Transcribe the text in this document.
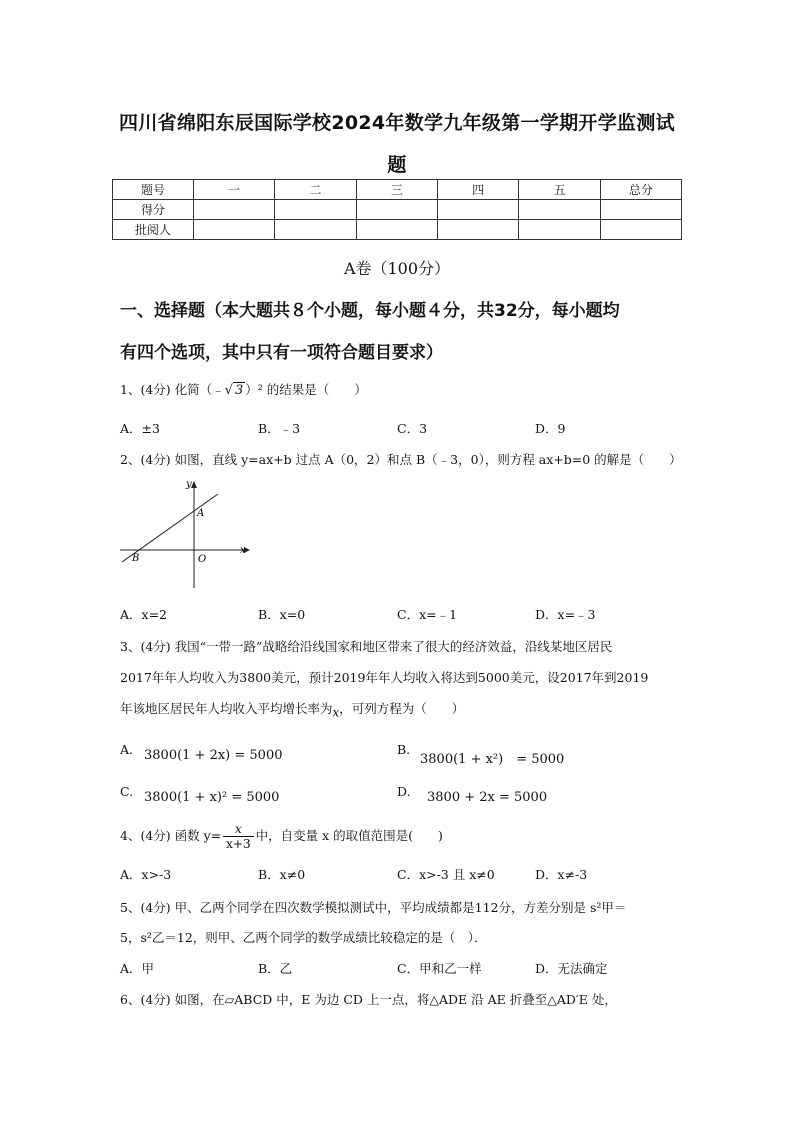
四川省绵阳东辰国际学校2024年数学九年级第一学期开学监测试
题
题号	一	二	三	四	五	总分
得分						
批阅人						
A卷（100分）
一、选择题（本大题共８个小题，每小题４分，共32分，每小题均
有四个选项，其中只有一项符合题目要求）
1、(4分) 化简（﹣√ 3 ）² 的结果是（　　）
A．±3	B．﹣3	C．3	D．9
2、(4分) 如图，直线 y=ax+b 过点 A（0，2）和点 B（﹣3，0），则方程 ax+b=0 的解是（　　）
y
x
A
B	O
A．x=2	B．x=0	C．x=﹣1	D．x=﹣3
3、(4分) 我国“一带一路”战略给沿线国家和地区带来了很大的经济效益，沿线某地区居民
2017年年人均收入为3800美元，预计2019年年人均收入将达到5000美元，设2017年到2019
年该地区居民年人均收入平均增长率为$_x$，可列方程为（　　）
A. 3800(1 + 2x) = 5000	B.
3800(1 + x²)　= 5000
C. 3800(1 + x)² = 5000	D. 3800 + 2x = 5000
4、(4分) 函数 $y= \frac{x}{x+3}$ 中，自变量 x 的取值范围是(　　)
A．x>-3	B．x≠0	C．x>-3 且 x≠0	D．x≠-3
5、(4分) 甲、乙两个同学在四次数学模拟测试中，平均成绩都是112分，方差分别是 s²甲＝
5，s²乙＝12，则甲、乙两个同学的数学成绩比较稳定的是（　）．
A．甲	B．乙	C．甲和乙一样	D．无法确定
6、(4分) 如图，在▱ABCD 中，E 为边 CD 上一点，将△ADE 沿 AE 折叠至△AD′E 处，
